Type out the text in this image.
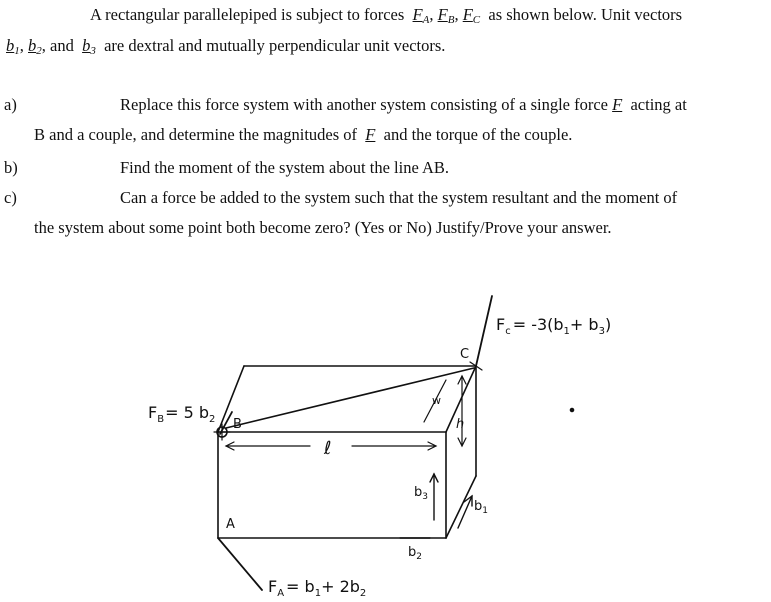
A rectangular parallelepiped is subject to forces $F_A$, $F_B$, $F_C$ as shown below. Unit vectors
$b_1$, $b_2$, and $b_3$ are dextral and mutually perpendicular unit vectors.
a)	Replace this force system with another system consisting of a single force F acting at
B and a couple, and determine the magnitudes of F and the torque of the couple.
b)	Find the moment of the system about the line AB.
c)	Can a force be added to the system such that the system resultant and the moment of
the system about some point both become zero? (Yes or No) Justify/Prove your answer.
$F_c = -3(b_1+ b_3)$
C
$F_B= 5$ $b_2$ B
ℓ
w
h
$b_3$
$b_1$
$b_2$
A
$F_A = b_1+ 2b_2$
